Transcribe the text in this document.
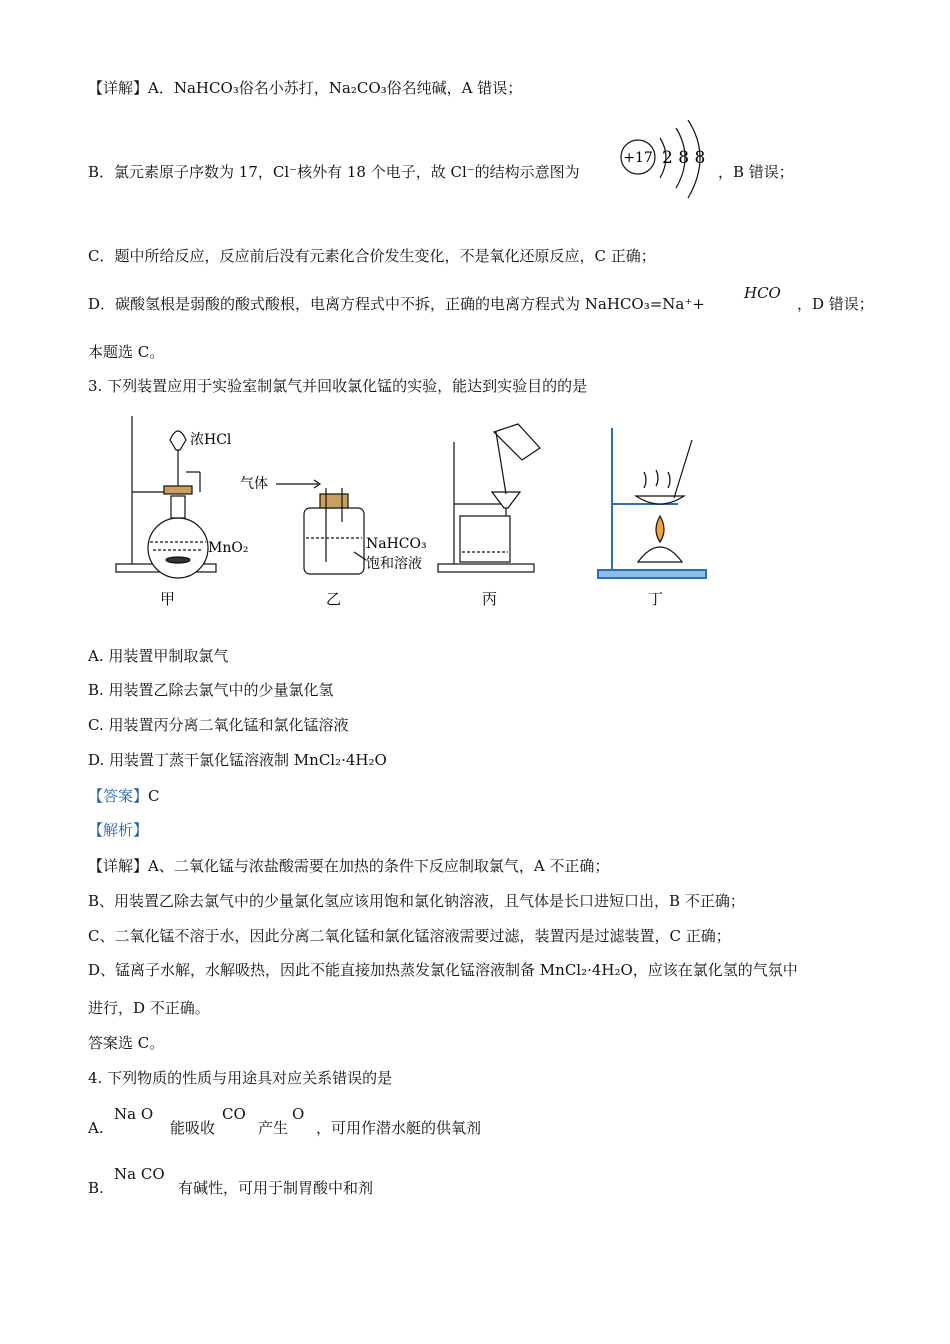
【详解】A．NaHCO₃俗名小苏打，Na₂CO₃俗名纯碱，A 错误；
B．氯元素原子序数为 17，Cl⁻核外有 18 个电子，故 Cl⁻的结构示意图为
+17 2 8 8
，B 错误；
C．题中所给反应，反应前后没有元素化合价发生变化，不是氧化还原反应，C 正确；
D．碳酸氢根是弱酸的酸式酸根，电离方程式中不拆，正确的电离方程式为 NaHCO₃=Na⁺+
HCO
，D 错误；
本题选 C。
3. 下列装置应用于实验室制氯气并回收氯化锰的实验，能达到实验目的的是
浓HCl
MnO₂
甲
气体
NaHCO₃
饱和溶液
乙	丙	丁
A. 用装置甲制取氯气
B. 用装置乙除去氯气中的少量氯化氢
C. 用装置丙分离二氧化锰和氯化锰溶液
D. 用装置丁蒸干氯化锰溶液制 MnCl₂·4H₂O
【答案】C
【解析】
【详解】A、二氧化锰与浓盐酸需要在加热的条件下反应制取氯气，A 不正确；
B、用装置乙除去氯气中的少量氯化氢应该用饱和氯化钠溶液，且气体是长口进短口出，B 不正确；
C、二氧化锰不溶于水，因此分离二氧化锰和氯化锰溶液需要过滤，装置丙是过滤装置，C 正确；
D、锰离子水解，水解吸热，因此不能直接加热蒸发氯化锰溶液制备 MnCl₂·4H₂O，应该在氯化氢的气氛中
进行，D 不正确。
答案选 C。
4. 下列物质的性质与用途具对应关系错误的是
A.
Na O
能吸收
CO
产生
O
，可用作潜水艇的供氧剂
B.
Na CO
有碱性，可用于制胃酸中和剂
